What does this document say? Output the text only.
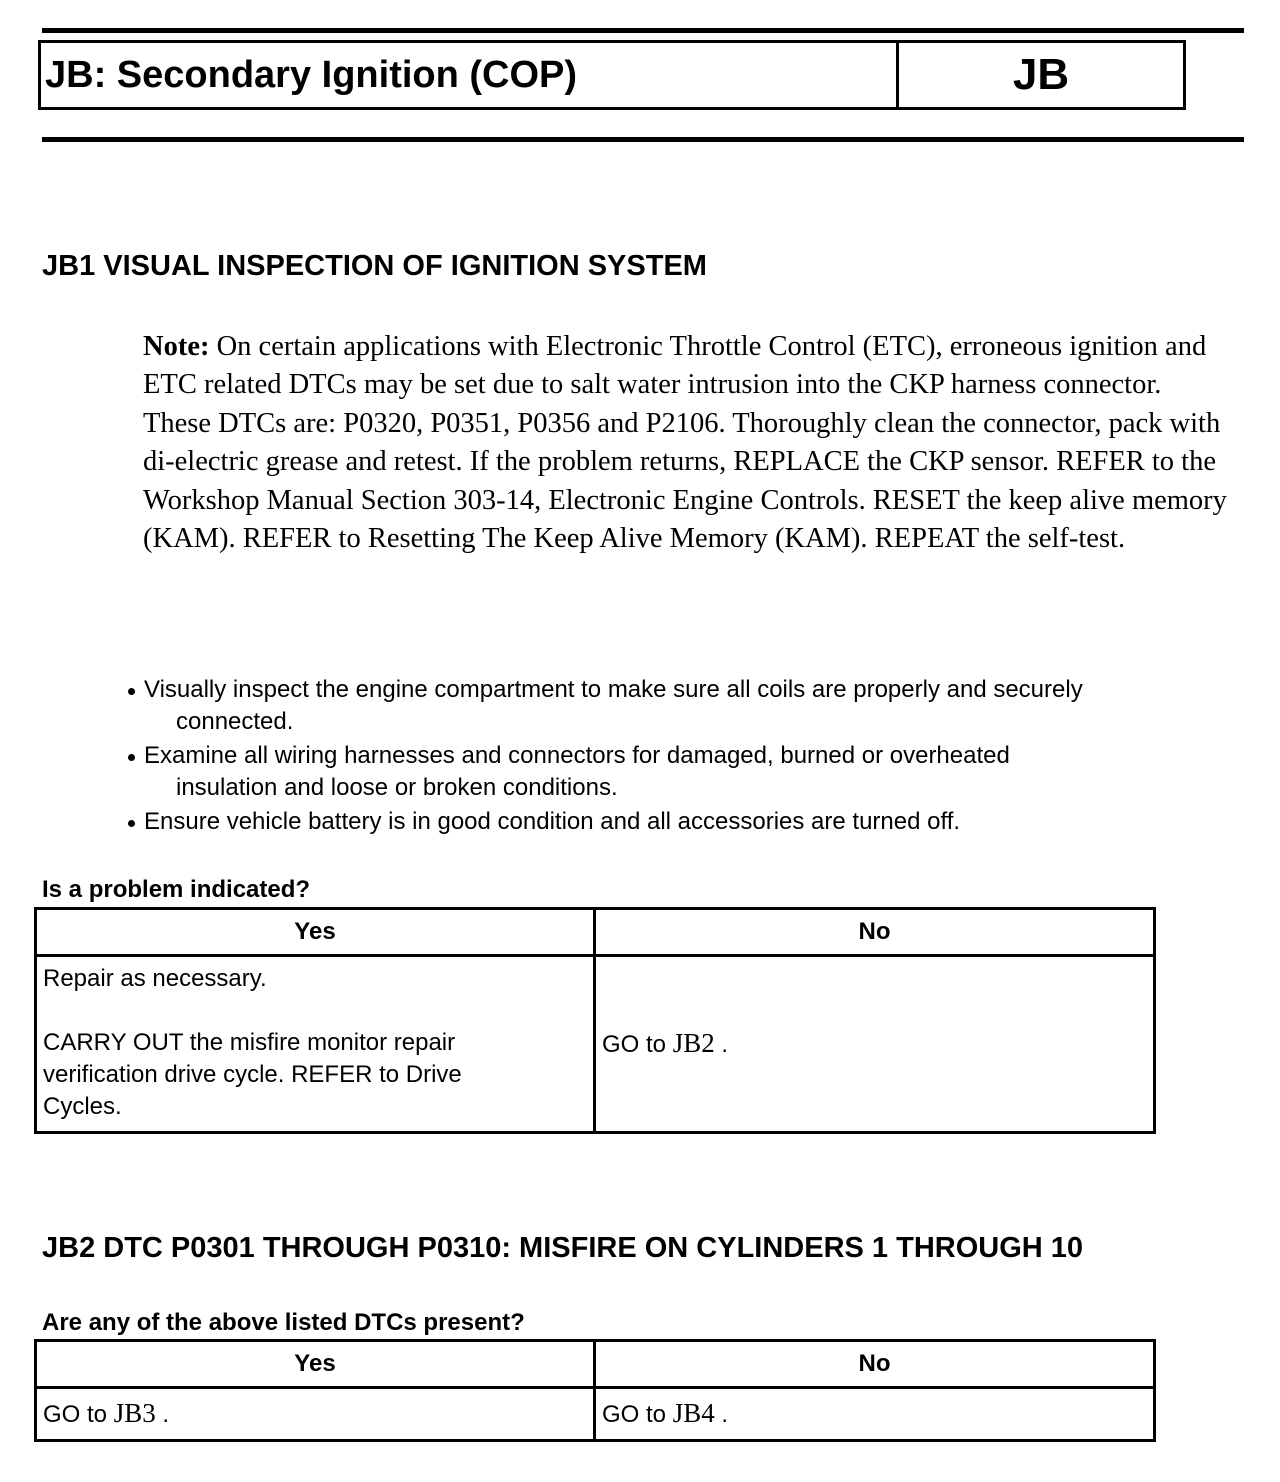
JB: Secondary Ignition (COP)	JB
JB1 VISUAL INSPECTION OF IGNITION SYSTEM
Note: On certain applications with Electronic Throttle Control (ETC), erroneous ignition and ETC related DTCs may be set due to salt water intrusion into the CKP harness connector. These DTCs are: P0320, P0351, P0356 and P2106. Thoroughly clean the connector, pack with di-electric grease and retest. If the problem returns, REPLACE the CKP sensor. REFER to the Workshop Manual Section 303-14, Electronic Engine Controls. RESET the keep alive memory (KAM). REFER to Resetting The Keep Alive Memory (KAM). REPEAT the self-test.
Visually inspect the engine compartment to make sure all coils are properly and securely
connected.
Examine all wiring harnesses and connectors for damaged, burned or overheated
insulation and loose or broken conditions.
Ensure vehicle battery is in good condition and all accessories are turned off.
Is a problem indicated?
Yes	No

Repair as necessary.
CARRY OUT the misfire monitor repair verification drive cycle. REFER to Drive Cycles.	GO to JB2 .
JB2 DTC P0301 THROUGH P0310: MISFIRE ON CYLINDERS 1 THROUGH 10
Are any of the above listed DTCs present?
Yes	No
GO to JB3 .	GO to JB4 .
